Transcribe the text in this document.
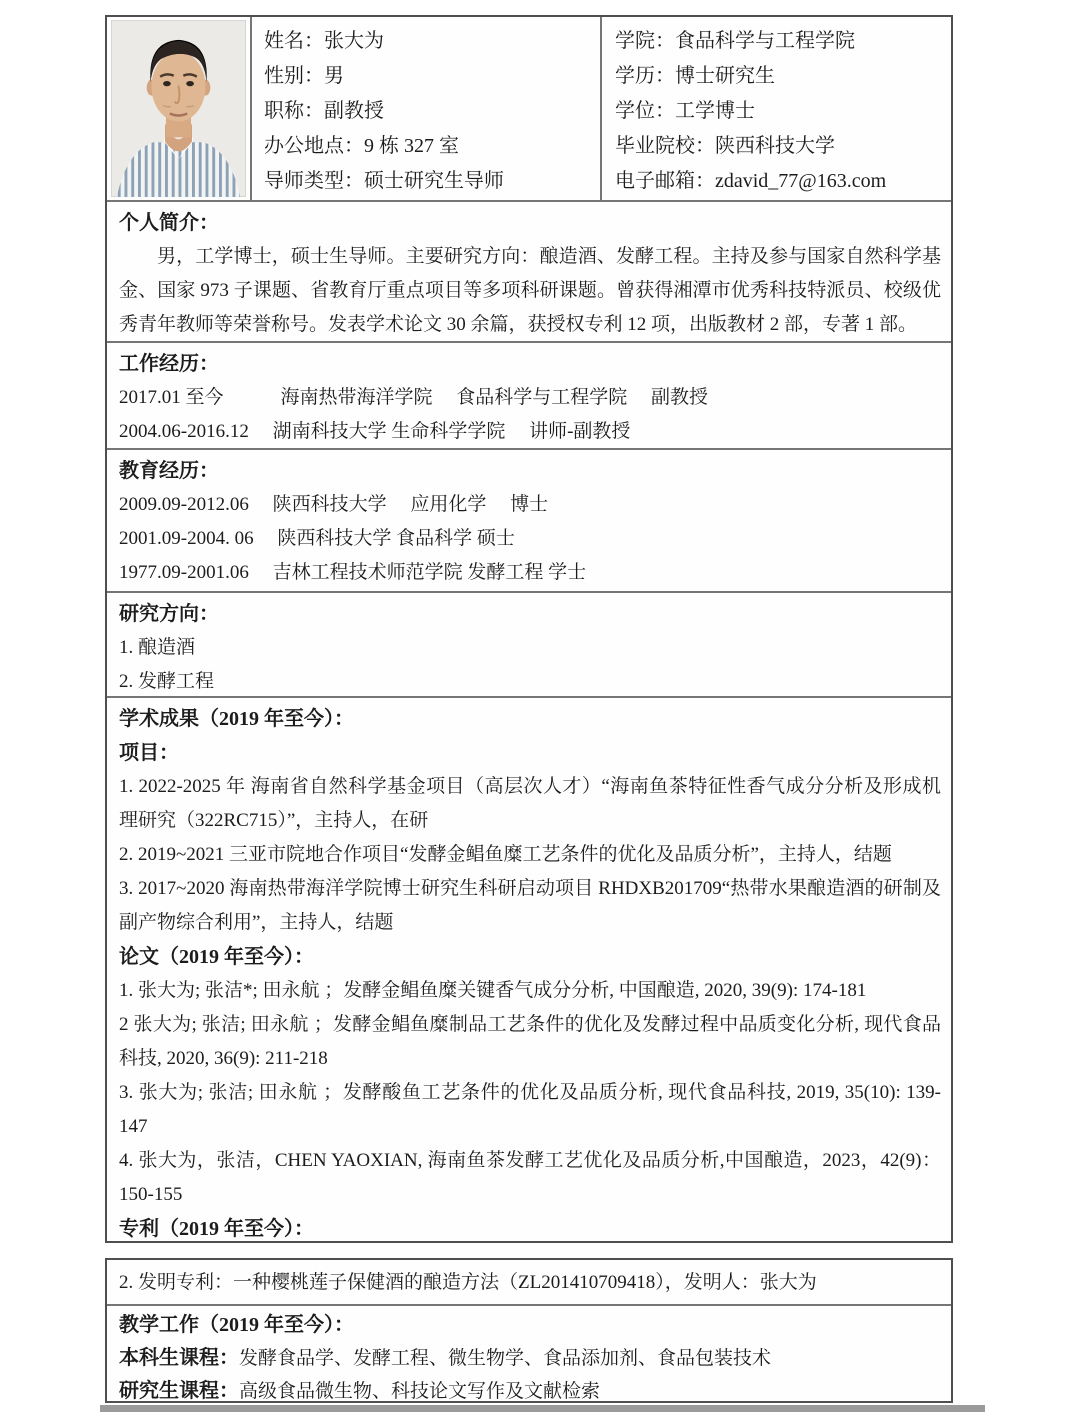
姓名：张大为
性别：男
职称：副教授
办公地点：9 栋 327 室
导师类型：硕士研究生导师
学院：食品科学与工程学院
学历：博士研究生
学位：工学博士
毕业院校：陕西科技大学
电子邮箱：zdavid_77@163.com
个人简介：

男，工学博士，硕士生导师。主要研究方向：酿造酒、发酵工程。主持及参与国家自然科学基金、国家 973 子课题、省教育厅重点项目等多项科研课题。曾获得湘潭市优秀科技特派员、校级优秀青年教师等荣誉称号。发表学术论文 30 余篇，获授权专利 12 项，出版教材 2 部，专著 1 部。

工作经历：

2017.01 至今　　　海南热带海洋学院　 食品科学与工程学院　 副教授

2004.06-2016.12　 湖南科技大学 生命科学学院　 讲师-副教授

教育经历：

2009.09-2012.06　 陕西科技大学　 应用化学　 博士

2001.09-2004. 06　 陕西科技大学 食品科学 硕士

1977.09-2001.06　 吉林工程技术师范学院 发酵工程 学士

研究方向：

1. 酿造酒

2. 发酵工程

学术成果（2019 年至今）：
项目：

1. 2022-2025 年 海南省自然科学基金项目（高层次人才）“海南鱼茶特征性香气成分分析及形成机理研究（322RC715）”，主持人，在研

2. 2019~2021 三亚市院地合作项目“发酵金鲳鱼糜工艺条件的优化及品质分析”，主持人，结题

3. 2017~2020 海南热带海洋学院博士研究生科研启动项目 RHDXB201709“热带水果酿造酒的研制及副产物综合利用”，主持人，结题

论文（2019 年至今）：

1. 张大为; 张洁*; 田永航 ；发酵金鲳鱼糜关键香气成分分析, 中国酿造, 2020, 39(9): 174-181

2 张大为; 张洁; 田永航 ；发酵金鲳鱼糜制品工艺条件的优化及发酵过程中品质变化分析, 现代食品科技, 2020, 36(9): 211-218

3. 张大为; 张洁; 田永航 ；发酵酸鱼工艺条件的优化及品质分析, 现代食品科技, 2019, 35(10): 139- 147

4. 张大为，张洁，CHEN YAOXIAN, 海南鱼茶发酵工艺优化及品质分析,中国酿造，2023，42(9)：150-155

专利（2019 年至今）：

2. 发明专利：一种樱桃莲子保健酒的酿造方法（ZL201410709418），发明人：张大为

教学工作（2019 年至今）：

本科生课程：发酵食品学、发酵工程、微生物学、食品添加剂、食品包装技术

研究生课程：高级食品微生物、科技论文写作及文献检索
